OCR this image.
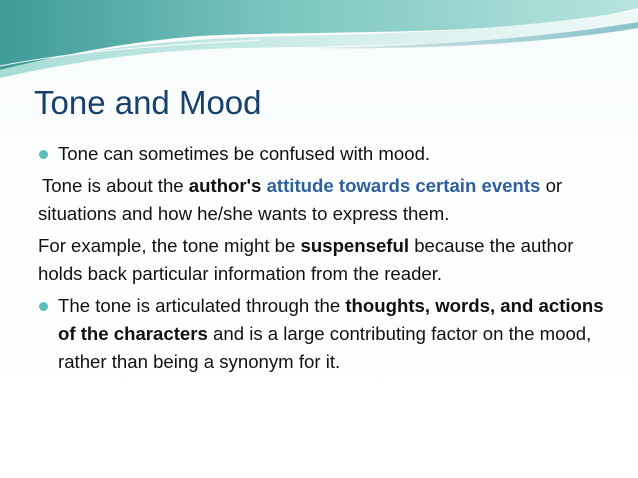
Tone and Mood

Tone can sometimes be confused with mood.

Tone is about the author's attitude towards certain events or situations and how he/she wants to express them.

For example, the tone might be suspenseful because the author holds back particular information from the reader.

The tone is articulated through the thoughts, words, and actions of the characters and is a large contributing factor on the mood, rather than being a synonym for it.
